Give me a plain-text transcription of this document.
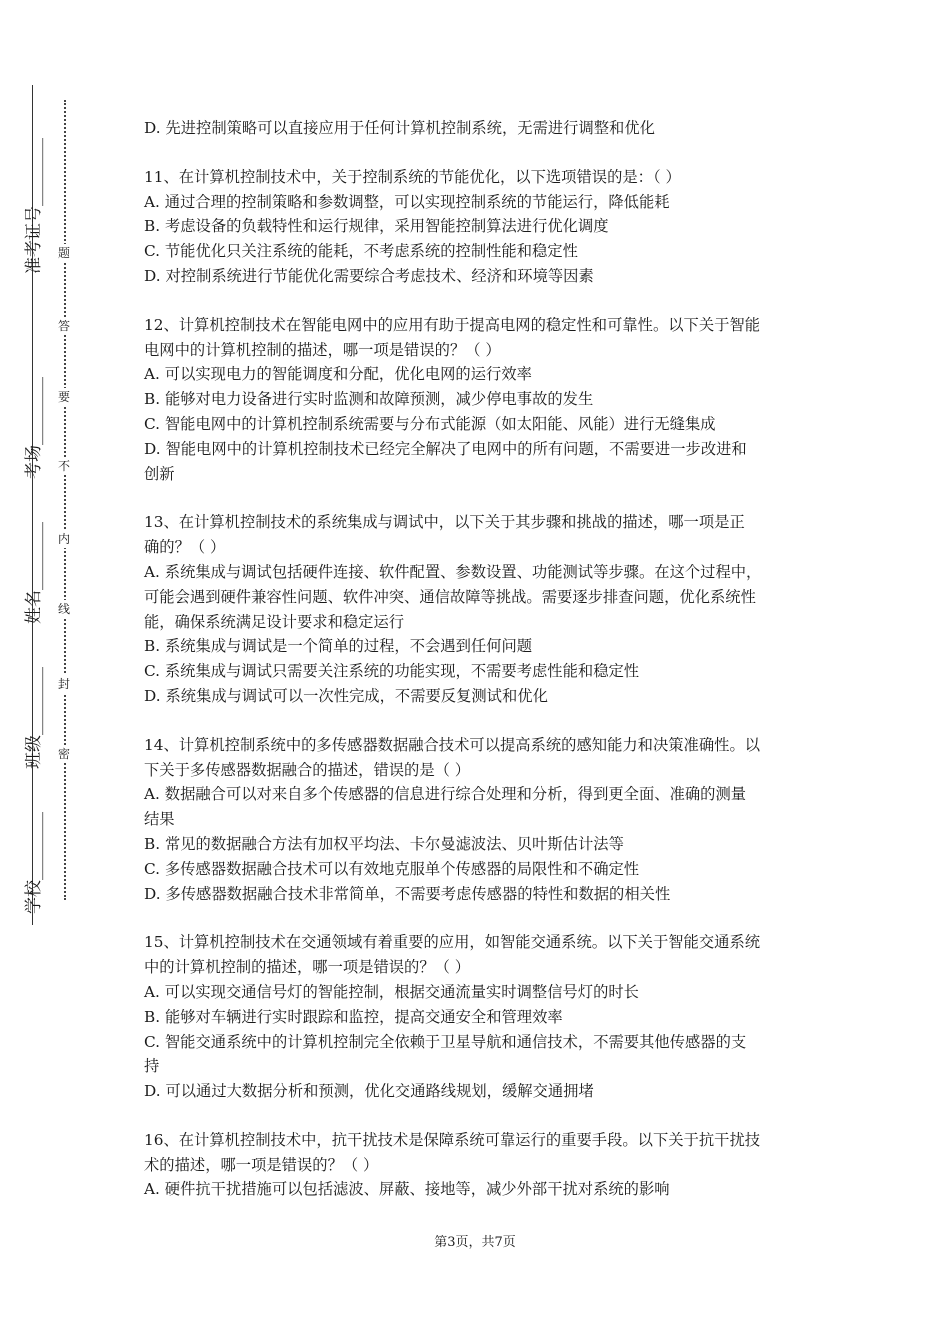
准考证号________
考场________
姓名________
班级________
学校________
题
答
要
不
内
线
封
密
D. 先进控制策略可以直接应用于任何计算机控制系统，无需进行调整和优化
11、在计算机控制技术中，关于控制系统的节能优化，以下选项错误的是：（ ）
A. 通过合理的控制策略和参数调整，可以实现控制系统的节能运行，降低能耗
B. 考虑设备的负载特性和运行规律，采用智能控制算法进行优化调度
C. 节能优化只关注系统的能耗，不考虑系统的控制性能和稳定性
D. 对控制系统进行节能优化需要综合考虑技术、经济和环境等因素
12、计算机控制技术在智能电网中的应用有助于提高电网的稳定性和可靠性。以下关于智能
电网中的计算机控制的描述，哪一项是错误的？（ ）
A. 可以实现电力的智能调度和分配，优化电网的运行效率
B. 能够对电力设备进行实时监测和故障预测，减少停电事故的发生
C. 智能电网中的计算机控制系统需要与分布式能源（如太阳能、风能）进行无缝集成
D. 智能电网中的计算机控制技术已经完全解决了电网中的所有问题，不需要进一步改进和
创新
13、在计算机控制技术的系统集成与调试中，以下关于其步骤和挑战的描述，哪一项是正
确的？（ ）
A. 系统集成与调试包括硬件连接、软件配置、参数设置、功能测试等步骤。在这个过程中，
可能会遇到硬件兼容性问题、软件冲突、通信故障等挑战。需要逐步排查问题，优化系统性
能，确保系统满足设计要求和稳定运行
B. 系统集成与调试是一个简单的过程，不会遇到任何问题
C. 系统集成与调试只需要关注系统的功能实现，不需要考虑性能和稳定性
D. 系统集成与调试可以一次性完成，不需要反复测试和优化
14、计算机控制系统中的多传感器数据融合技术可以提高系统的感知能力和决策准确性。以
下关于多传感器数据融合的描述，错误的是（ ）
A. 数据融合可以对来自多个传感器的信息进行综合处理和分析，得到更全面、准确的测量
结果
B. 常见的数据融合方法有加权平均法、卡尔曼滤波法、贝叶斯估计法等
C. 多传感器数据融合技术可以有效地克服单个传感器的局限性和不确定性
D. 多传感器数据融合技术非常简单，不需要考虑传感器的特性和数据的相关性
15、计算机控制技术在交通领域有着重要的应用，如智能交通系统。以下关于智能交通系统
中的计算机控制的描述，哪一项是错误的？（ ）
A. 可以实现交通信号灯的智能控制，根据交通流量实时调整信号灯的时长
B. 能够对车辆进行实时跟踪和监控，提高交通安全和管理效率
C. 智能交通系统中的计算机控制完全依赖于卫星导航和通信技术，不需要其他传感器的支
持
D. 可以通过大数据分析和预测，优化交通路线规划，缓解交通拥堵
16、在计算机控制技术中，抗干扰技术是保障系统可靠运行的重要手段。以下关于抗干扰技
术的描述，哪一项是错误的？（ ）
A. 硬件抗干扰措施可以包括滤波、屏蔽、接地等，减少外部干扰对系统的影响
第3页，共7页
